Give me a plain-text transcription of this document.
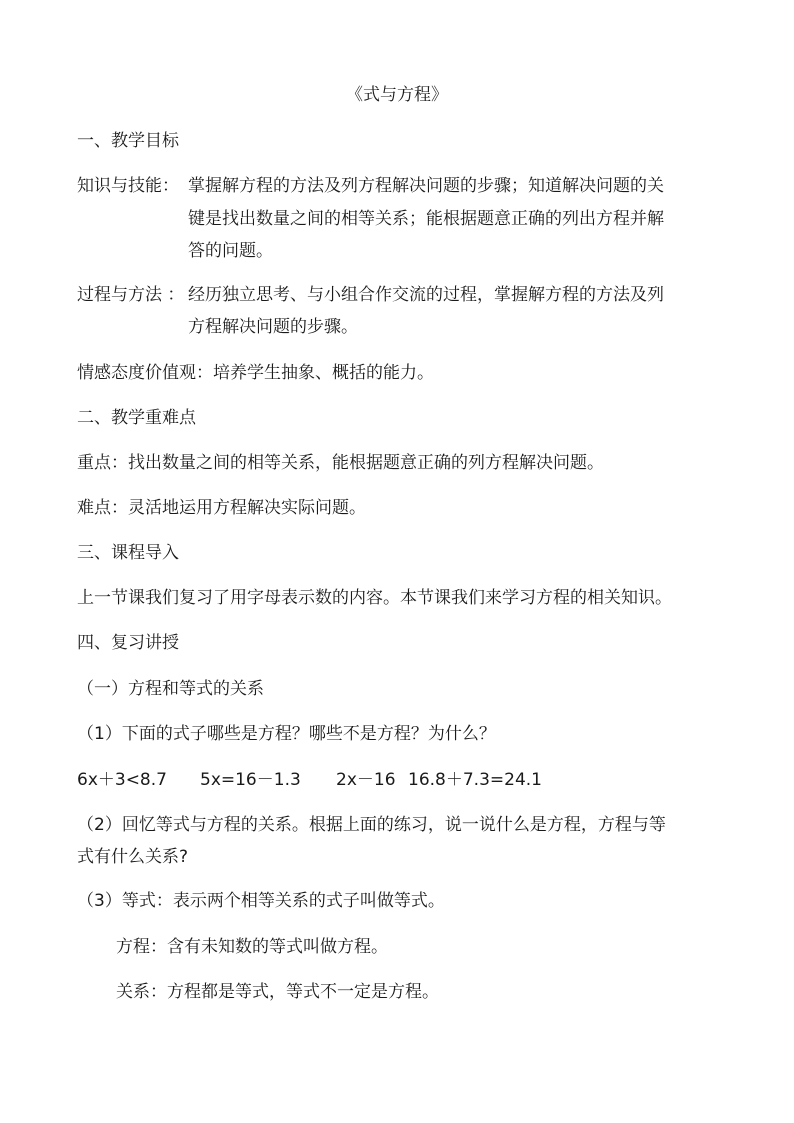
《式与方程》
一、教学目标
知识与技能： 掌握解方程的方法及列方程解决问题的步骤；知道解决问题的关
键是找出数量之间的相等关系；能根据题意正确的列出方程并解
答的问题。
过程与方法 ： 经历独立思考、与小组合作交流的过程，掌握解方程的方法及列
方程解决问题的步骤。
情感态度价值观：培养学生抽象、概括的能力。
二、教学重难点
重点：找出数量之间的相等关系，能根据题意正确的列方程解决问题。
难点：灵活地运用方程解决实际问题。
三、课程导入
上一节课我们复习了用字母表示数的内容。本节课我们来学习方程的相关知识。
四、复习讲授
（一）方程和等式的关系
（1）下面的式子哪些是方程？哪些不是方程？为什么？
6x＋3<8.7 5x=16－1.3 2x－16 16.8＋7.3=24.1
（2）回忆等式与方程的关系。根据上面的练习，说一说什么是方程，方程与等
式有什么关系?
（3）等式：表示两个相等关系的式子叫做等式。
方程：含有未知数的等式叫做方程。
关系：方程都是等式，等式不一定是方程。
